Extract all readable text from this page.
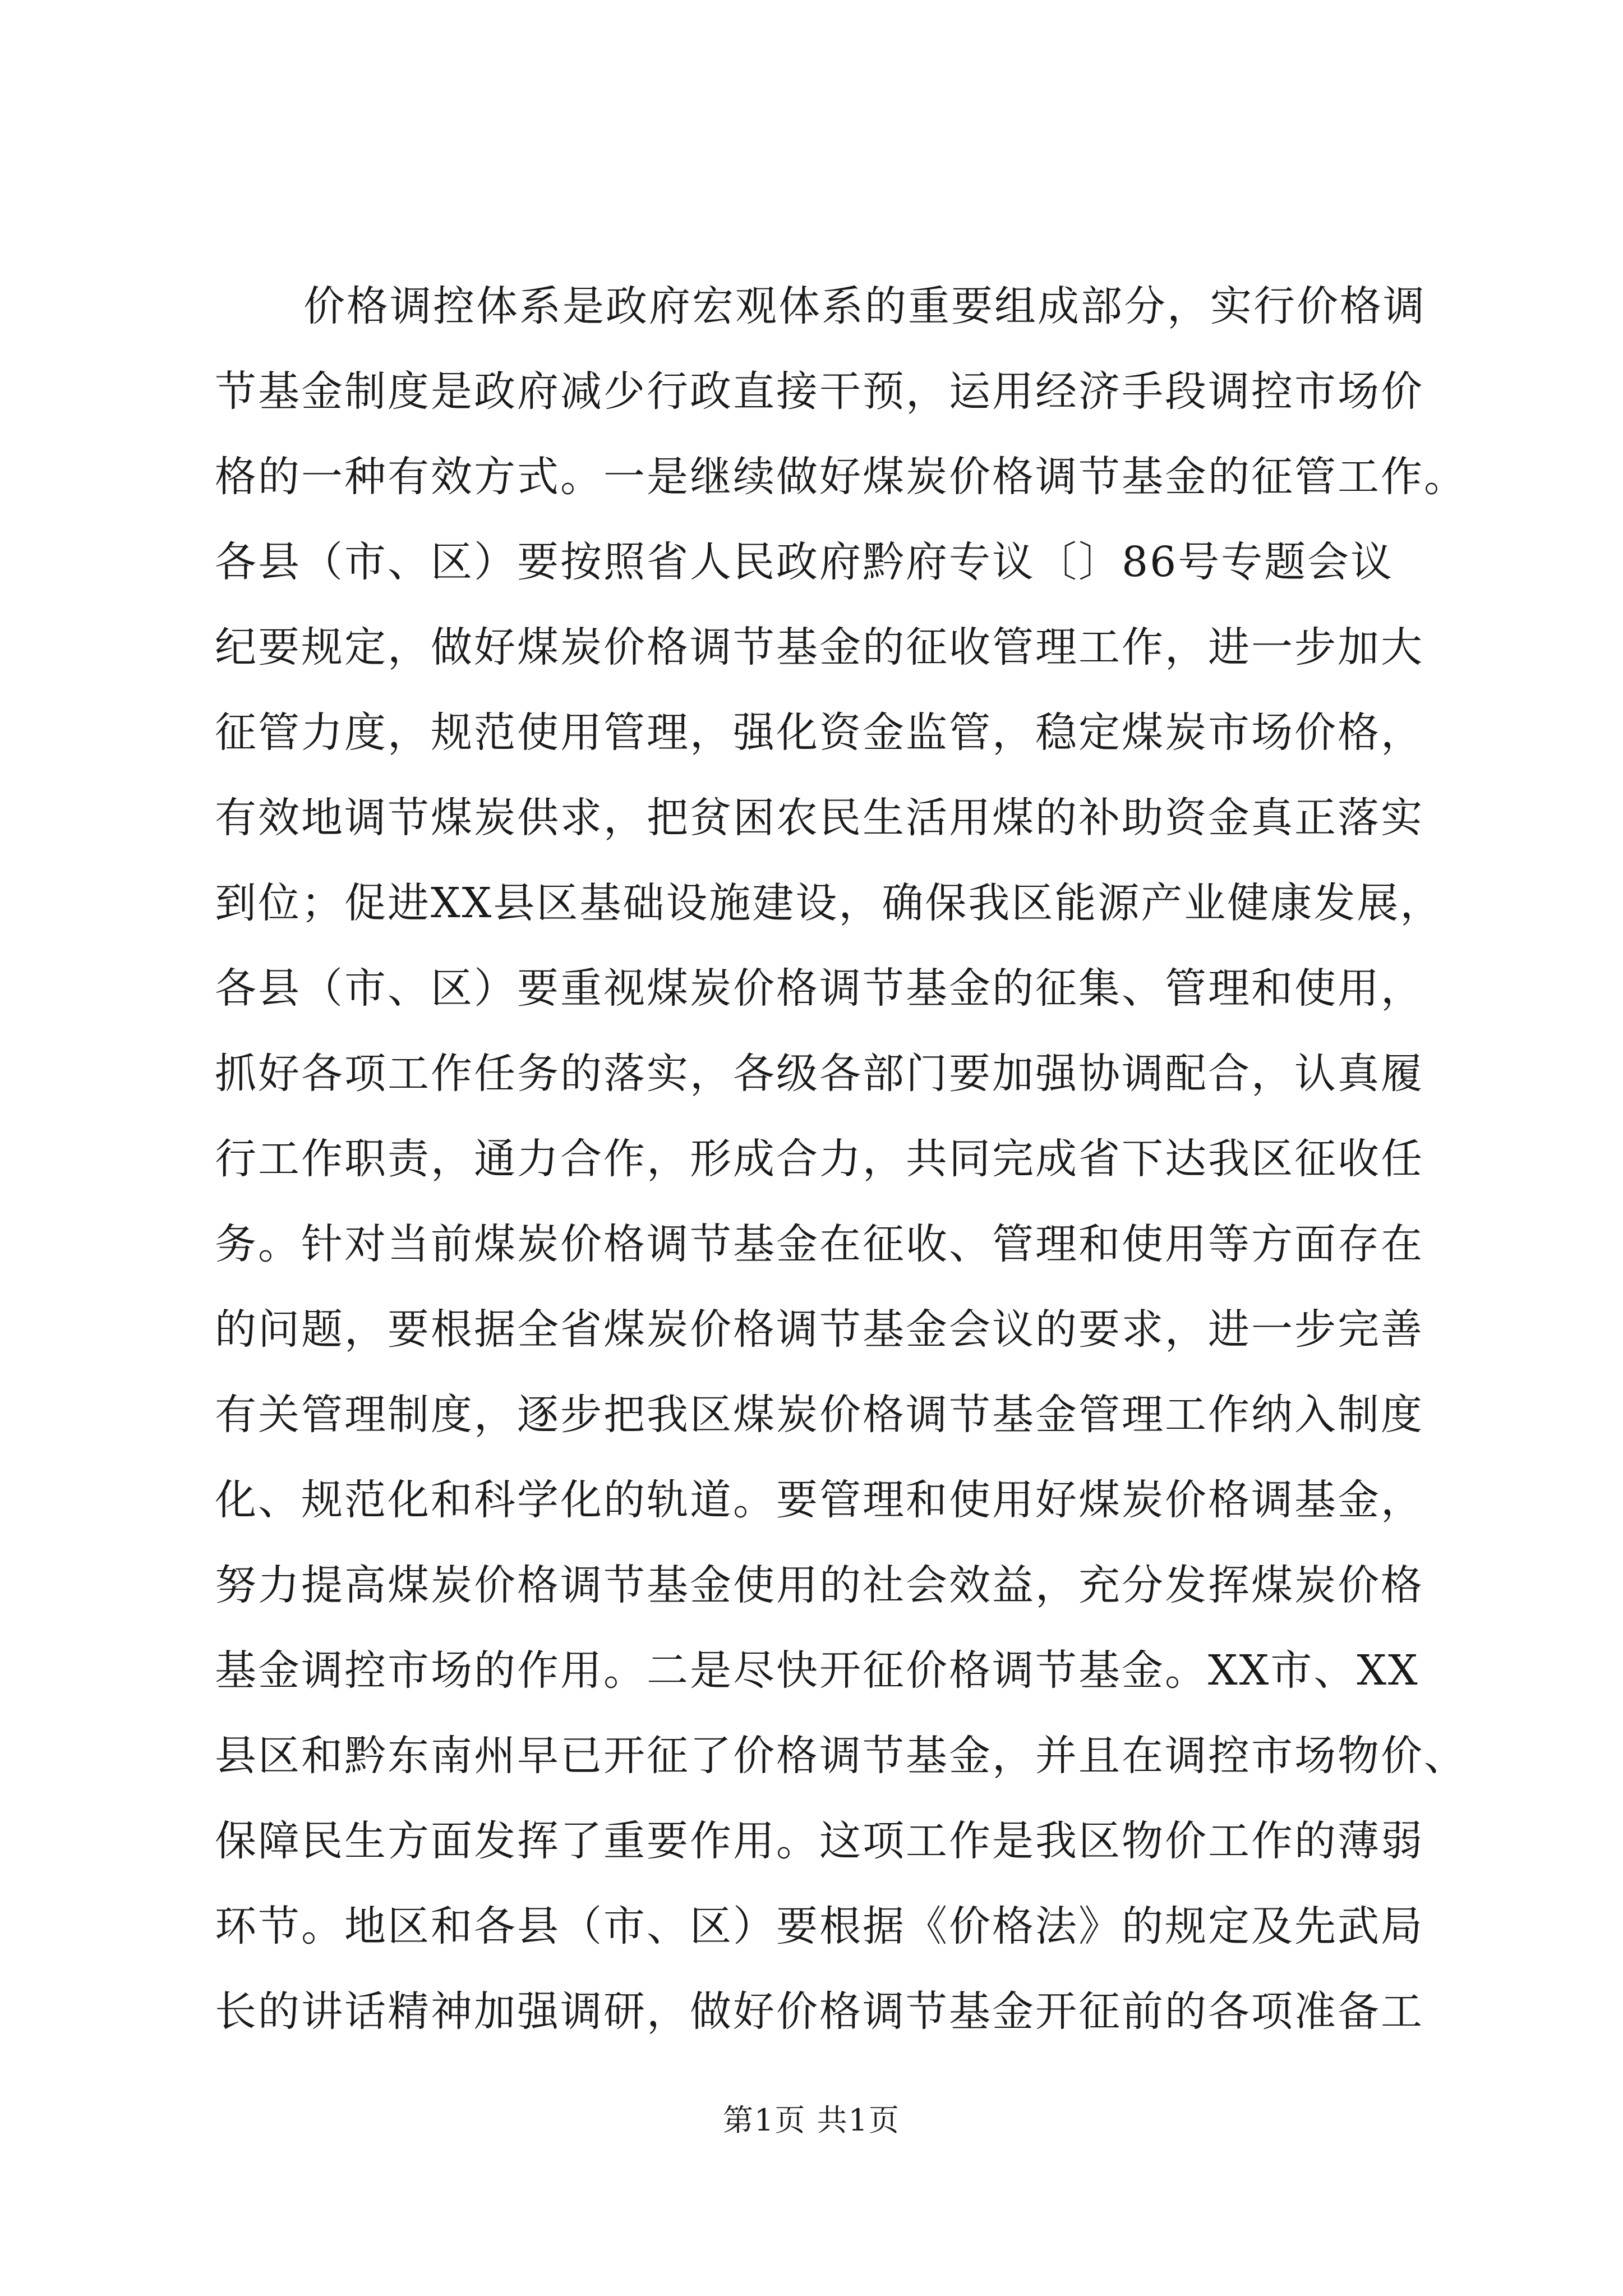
价格调控体系是政府宏观体系的重要组成部分，实行价格调
节基金制度是政府减少行政直接干预，运用经济手段调控市场价
格的一种有效方式。一是继续做好煤炭价格调节基金的征管工作。
各县（市、区）要按照省人民政府黔府专议〔〕86号专题会议
纪要规定，做好煤炭价格调节基金的征收管理工作，进一步加大
征管力度，规范使用管理，强化资金监管，稳定煤炭市场价格，
有效地调节煤炭供求，把贫困农民生活用煤的补助资金真正落实
到位；促进XX县区基础设施建设，确保我区能源产业健康发展，
各县（市、区）要重视煤炭价格调节基金的征集、管理和使用，
抓好各项工作任务的落实，各级各部门要加强协调配合，认真履
行工作职责，通力合作，形成合力，共同完成省下达我区征收任
务。针对当前煤炭价格调节基金在征收、管理和使用等方面存在
的问题，要根据全省煤炭价格调节基金会议的要求，进一步完善
有关管理制度，逐步把我区煤炭价格调节基金管理工作纳入制度
化、规范化和科学化的轨道。要管理和使用好煤炭价格调基金，
努力提高煤炭价格调节基金使用的社会效益，充分发挥煤炭价格
基金调控市场的作用。二是尽快开征价格调节基金。XX市、XX
县区和黔东南州早已开征了价格调节基金，并且在调控市场物价、
保障民生方面发挥了重要作用。这项工作是我区物价工作的薄弱
环节。地区和各县（市、区）要根据《价格法》的规定及先武局
长的讲话精神加强调研，做好价格调节基金开征前的各项准备工
第1页 共1页
